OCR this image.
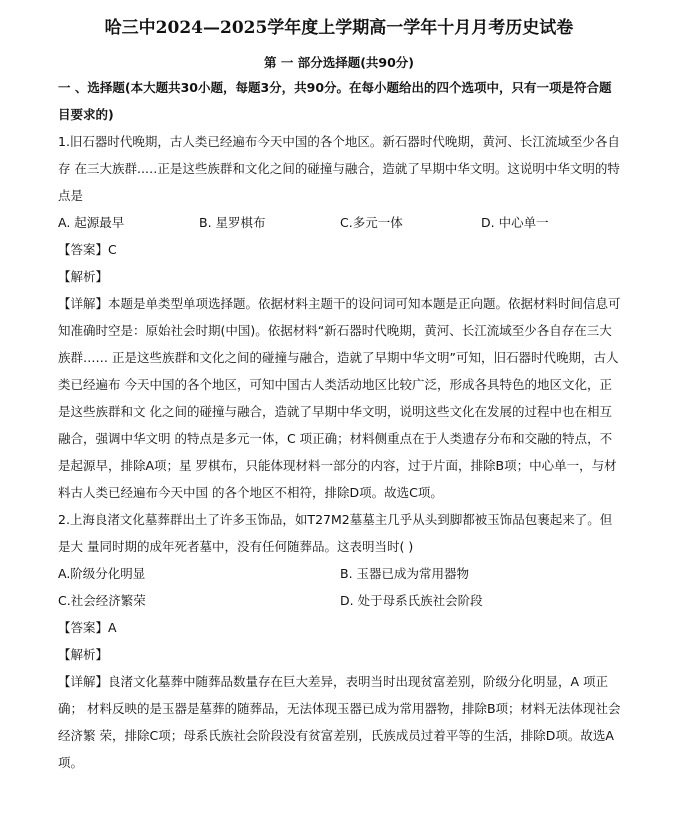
哈三中2024—2025学年度上学期高一学年十月月考历史试卷
第 一 部分选择题(共90分)
一 、选择题(本大题共30小题，每题3分，共90分。在每小题给出的四个选项中，只有一项是符合题目要求的)
1.旧石器时代晚期，古人类已经遍布今天中国的各个地区。新石器时代晚期，黄河、长江流域至少各自存 在三大族群..…正是这些族群和文化之间的碰撞与融合，造就了早期中华文明。这说明中华文明的特点是
A. 起源最早	B. 星罗棋布	C.多元一体	D. 中心单一
【答案】C
【解析】
【详解】本题是单类型单项选择题。依据材料主题干的设问词可知本题是正向题。依据材料时间信息可知准确时空是：原始社会时期(中国)。依据材料“新石器时代晚期，黄河、长江流域至少各自存在三大族群…… 正是这些族群和文化之间的碰撞与融合，造就了早期中华文明”可知，旧石器时代晚期，古人类已经遍布 今天中国的各个地区，可知中国古人类活动地区比较广泛，形成各具特色的地区文化，正是这些族群和文 化之间的碰撞与融合，造就了早期中华文明，说明这些文化在发展的过程中也在相互融合，强调中华文明 的特点是多元一体，C 项正确；材料侧重点在于人类遗存分布和交融的特点，不是起源早，排除A项；星 罗棋布，只能体现材料一部分的内容，过于片面，排除B项；中心单一，与材料古人类已经遍布今天中国 的各个地区不相符，排除D项。故选C项。
2.上海良渚文化墓葬群出土了许多玉饰品，如T27M2墓墓主几乎从头到脚都被玉饰品包裹起来了。但是大 量同时期的成年死者墓中，没有任何随葬品。这表明当时( )
A.阶级分化明显	B. 玉器已成为常用器物
C.社会经济繁荣	D. 处于母系氏族社会阶段
【答案】A
【解析】
【详解】良渚文化墓葬中随葬品数量存在巨大差异，表明当时出现贫富差别，阶级分化明显，A 项正确； 材料反映的是玉器是墓葬的随葬品，无法体现玉器已成为常用器物，排除B项；材料无法体现社会经济繁 荣，排除C项；母系氏族社会阶段没有贫富差别，氏族成员过着平等的生活，排除D项。故选A项。
